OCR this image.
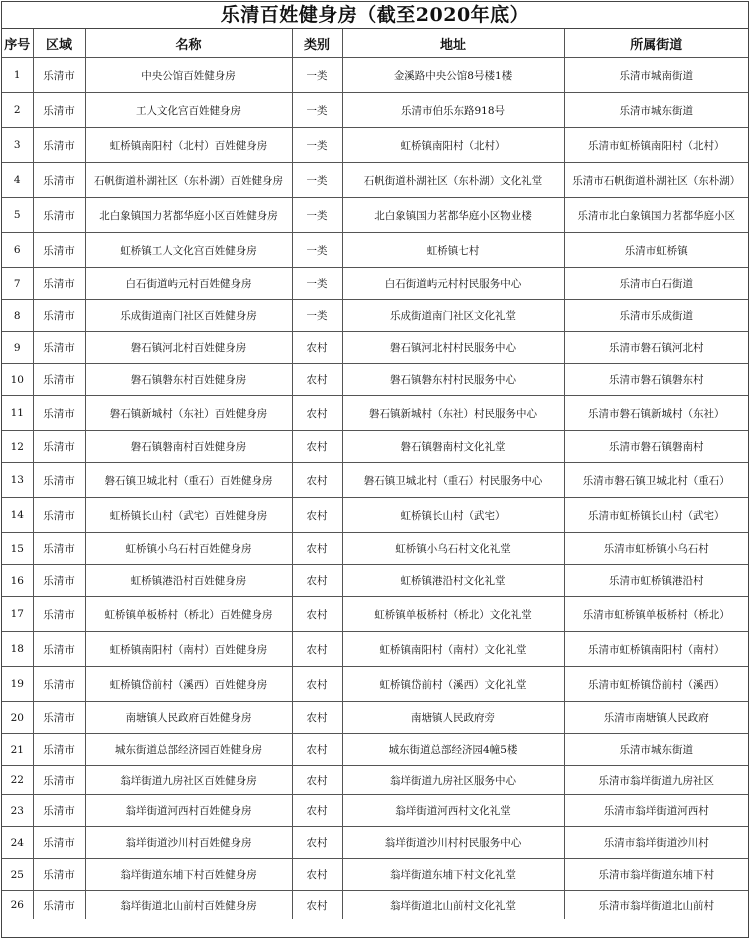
乐清百姓健身房（截至2020年底）
序号	区域	名称	类别	地址	所属街道
1	乐清市	中央公馆百姓健身房	一类	金溪路中央公馆8号楼1楼	乐清市城南街道
2	乐清市	工人文化宫百姓健身房	一类	乐清市伯乐东路918号	乐清市城东街道
3	乐清市	虹桥镇南阳村（北村）百姓健身房	一类	虹桥镇南阳村（北村）	乐清市虹桥镇南阳村（北村）
4	乐清市	石帆街道朴湖社区（东朴湖）百姓健身房	一类	石帆街道朴湖社区（东朴湖）文化礼堂	乐清市石帆街道朴湖社区（东朴湖）
5	乐清市	北白象镇国力茗都华庭小区百姓健身房	一类	北白象镇国力茗都华庭小区物业楼	乐清市北白象镇国力茗都华庭小区
6	乐清市	虹桥镇工人文化宫百姓健身房	一类	虹桥镇七村	乐清市虹桥镇
7	乐清市	白石街道屿元村百姓健身房	一类	白石街道屿元村村民服务中心	乐清市白石街道
8	乐清市	乐成街道南门社区百姓健身房	一类	乐成街道南门社区文化礼堂	乐清市乐成街道
9	乐清市	磐石镇河北村百姓健身房	农村	磐石镇河北村村民服务中心	乐清市磐石镇河北村
10	乐清市	磐石镇磐东村百姓健身房	农村	磐石镇磐东村村民服务中心	乐清市磐石镇磐东村
11	乐清市	磐石镇新城村（东社）百姓健身房	农村	磐石镇新城村（东社）村民服务中心	乐清市磐石镇新城村（东社）
12	乐清市	磐石镇磐南村百姓健身房	农村	磐石镇磐南村文化礼堂	乐清市磐石镇磐南村
13	乐清市	磐石镇卫城北村（重石）百姓健身房	农村	磐石镇卫城北村（重石）村民服务中心	乐清市磐石镇卫城北村（重石）
14	乐清市	虹桥镇长山村（武宅）百姓健身房	农村	虹桥镇长山村（武宅）	乐清市虹桥镇长山村（武宅）
15	乐清市	虹桥镇小乌石村百姓健身房	农村	虹桥镇小乌石村文化礼堂	乐清市虹桥镇小乌石村
16	乐清市	虹桥镇港沿村百姓健身房	农村	虹桥镇港沿村文化礼堂	乐清市虹桥镇港沿村
17	乐清市	虹桥镇单板桥村（桥北）百姓健身房	农村	虹桥镇单板桥村（桥北）文化礼堂	乐清市虹桥镇单板桥村（桥北）
18	乐清市	虹桥镇南阳村（南村）百姓健身房	农村	虹桥镇南阳村（南村）文化礼堂	乐清市虹桥镇南阳村（南村）
19	乐清市	虹桥镇岱前村（溪西）百姓健身房	农村	虹桥镇岱前村（溪西）文化礼堂	乐清市虹桥镇岱前村（溪西）
20	乐清市	南塘镇人民政府百姓健身房	农村	南塘镇人民政府旁	乐清市南塘镇人民政府
21	乐清市	城东街道总部经济园百姓健身房	农村	城东街道总部经济园4幢5楼	乐清市城东街道
22	乐清市	翁垟街道九房社区百姓健身房	农村	翁垟街道九房社区服务中心	乐清市翁垟街道九房社区
23	乐清市	翁垟街道河西村百姓健身房	农村	翁垟街道河西村文化礼堂	乐清市翁垟街道河西村
24	乐清市	翁垟街道沙川村百姓健身房	农村	翁垟街道沙川村村民服务中心	乐清市翁垟街道沙川村
25	乐清市	翁垟街道东埔下村百姓健身房	农村	翁垟街道东埔下村文化礼堂	乐清市翁垟街道东埔下村
26	乐清市	翁垟街道北山前村百姓健身房	农村	翁垟街道北山前村文化礼堂	乐清市翁垟街道北山前村
